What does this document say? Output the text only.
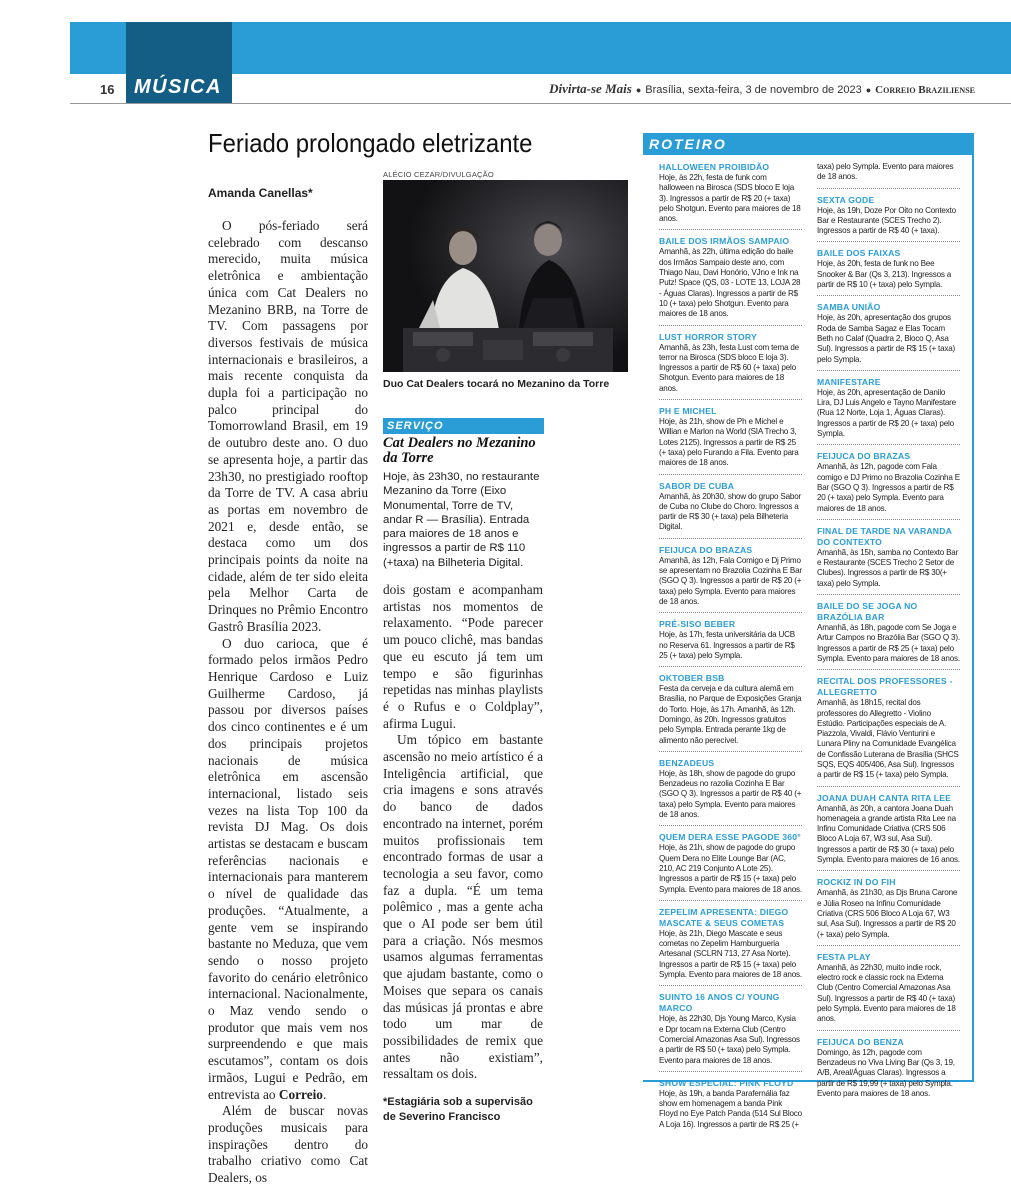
MÚSICA
16	Divirta-se Mais ● Brasília, sexta-feira, 3 de novembro de 2023 ● Correio Braziliense
Feriado prolongado eletrizante
Amanda Canellas*

O pós-feriado será celebrado com descanso merecido, muita música eletrônica e ambientação única com Cat Dealers no Mezanino BRB, na Torre de TV. Com passagens por diversos festivais de música internacionais e brasileiros, a mais recente conquista da dupla foi a participação no palco principal do Tomorrowland Brasil, em 19 de outubro deste ano. O duo se apresenta hoje, a partir das 23h30, no prestigiado rooftop da Torre de TV. A casa abriu as portas em novembro de 2021 e, desde então, se destaca como um dos principais points da noite na cidade, além de ter sido eleita pela Melhor Carta de Drinques no Prêmio Encontro Gastrô Brasília 2023.

O duo carioca, que é formado pelos irmãos Pedro Henrique Cardoso e Luiz Guilherme Cardoso, já passou por diversos países dos cinco continentes e é um dos principais projetos nacionais de música eletrônica em ascensão internacional, listado seis vezes na lista Top 100 da revista DJ Mag. Os dois artistas se destacam e buscam referências nacionais e internacionais para manterem o nível de qualidade das produções. “Atualmente, a gente vem se inspirando bastante no Meduza, que vem sendo o nosso projeto favorito do cenário eletrônico internacional. Nacionalmente, o Maz vendo sendo o produtor que mais vem nos surpreendendo e que mais escutamos”, contam os dois irmãos, Lugui e Pedrão, em entrevista ao Correio.

Além de buscar novas produções musicais para inspirações dentro do trabalho criativo como Cat Dealers, os

ALÉCIO CEZAR/DIVULGAÇÃO
Duo Cat Dealers tocará no Mezanino da Torre
SERVIÇO
Cat Dealers no Mezanino da Torre
Hoje, às 23h30, no restaurante Mezanino da Torre (Eixo Monumental, Torre de TV, andar R — Brasília). Entrada para maiores de 18 anos e ingressos a partir de R$ 110 (+taxa) na Bilheteria Digital.

dois gostam e acompanham artistas nos momentos de relaxamento. “Pode parecer um pouco clichê, mas bandas que eu escuto já tem um tempo e são figurinhas repetidas nas minhas playlists é o Rufus e o Coldplay”, afirma Lugui.

Um tópico em bastante ascensão no meio artístico é a Inteligência artificial, que cria imagens e sons através do banco de dados encontrado na internet, porém muitos profissionais tem encontrado formas de usar a tecnologia a seu favor, como faz a dupla. “É um tema polêmico , mas a gente acha que o AI pode ser bem útil para a criação. Nós mesmos usamos algumas ferramentas que ajudam bastante, como o Moises que separa os canais das músicas já prontas e abre todo um mar de possibilidades de remix que antes não existiam”, ressaltam os dois.

*Estagiária sob a supervisão de Severino Francisco

ROTEIRO
HALLOWEEN PROIBIDÃO
Hoje, às 22h, festa de funk com halloween na Birosca (SDS bloco E loja 3). Ingressos a partir de R$ 20 (+ taxa) pelo Shotgun. Evento para maiores de 18 anos.
BAILE DOS IRMÃOS SAMPAIO
Amanhã, às 22h, última edição do baile dos Irmãos Sampaio deste ano, com Thiago Nau, Davi Honório, VJno e Ink na Putz! Space (QS, 03 - LOTE 13, LOJA 28 - Águas Claras). Ingressos a partir de R$ 10 (+ taxa) pelo Shotgun. Evento para maiores de 18 anos.
LUST HORROR STORY
Amanhã, às 23h, festa Lust com tema de terror na Birosca (SDS bloco E loja 3). Ingressos a partir de R$ 60 (+ taxa) pelo Shotgun. Evento para maiores de 18 anos.
PH E MICHEL
Hoje, às 21h, show de Ph e Michel e Willian e Marlon na World (SIA Trecho 3, Lotes 2125). Ingressos a partir de R$ 25 (+ taxa) pelo Furando a Fila. Evento para maiores de 18 anos.
SABOR DE CUBA
Amanhã, às 20h30, show do grupo Sabor de Cuba no Clube do Choro. Ingressos a partir de R$ 30 (+ taxa) pela Bilheteria Digital.
FEIJUCA DO BRAZAS
Amanhã, às 12h, Fala Comigo e Dj Primo se apresentam no Brazolia Cozinha E Bar (SGO Q 3). Ingressos a partir de R$ 20 (+ taxa) pelo Sympla. Evento para maiores de 18 anos.
PRÉ-SISO BEBER
Hoje, às 17h, festa universitária da UCB no Reserva 61. Ingressos a partir de R$ 25 (+ taxa) pelo Sympla.
OKTOBER BSB
Festa da cerveja e da cultura alemã em Brasília, no Parque de Exposições Granja do Torto. Hoje, às 17h. Amanhã, às 12h. Domingo, às 20h. Ingressos gratuitos pelo Sympla. Entrada perante 1kg de alimento não perecível.
BENZADEUS
Hoje, às 18h, show de pagode do grupo Benzadeus no razolia Cozinha E Bar (SGO Q 3). Ingressos a partir de R$ 40 (+ taxa) pelo Sympla. Evento para maiores de 18 anos.
QUEM DERA ESSE PAGODE 360°
Hoje, às 21h, show de pagode do grupo Quem Dera no Elite Lounge Bar (AC, 210, AC 219 Conjunto A Lote 25). Ingressos a partir de R$ 15 (+ taxa) pelo Sympla. Evento para maiores de 18 anos.
ZEPELIM APRESENTA: DIEGO MASCATE & SEUS COMETAS
Hoje, às 21h, Diego Mascate e seus cometas no Zepelim Hamburgueria Artesanal (SCLRN 713, 27 Asa Norte). Ingressos a partir de R$ 15 (+ taxa) pelo Sympla. Evento para maiores de 18 anos.
SUINTO 16 ANOS C/ YOUNG MARCO
Hoje, às 22h30, Djs Young Marco, Kysia e Dpr tocam na Externa Club (Centro Comercial Amazonas Asa Sul). Ingressos a partir de R$ 50 (+ taxa) pelo Sympla. Evento para maiores de 18 anos.
SHOW ESPECIAL: PINK FLOYD
Hoje, às 19h, a banda Parafernália faz show em homenagem a banda Pink Floyd no Eye Patch Panda (514 Sul Bloco A Loja 16). Ingressos a partir de R$ 25 (+
taxa) pelo Sympla. Evento para maiores de 18 anos.
SEXTA GODE
Hoje, às 19h, Doze Por Oito no Contexto Bar e Restaurante (SCES Trecho 2). Ingressos a partir de R$ 40 (+ taxa).
BAILE DOS FAIXAS
Hoje, às 20h, festa de funk no Bee Snooker & Bar (Qs 3, 213). Ingressos a partir de R$ 10 (+ taxa) pelo Sympla.
SAMBA UNIÃO
Hoje, às 20h, apresentação dos grupos Roda de Samba Sagaz e Elas Tocam Beth no Calaf (Quadra 2, Bloco Q, Asa Sul). Ingressos a partir de R$ 15 (+ taxa) pelo Sympla.
MANIFESTARE
Hoje, às 20h, apresentação de Danilo Lira, DJ Luis Angelo e Tayno Manifestare (Rua 12 Norte, Loja 1, Águas Claras). Ingressos a partir de R$ 20 (+ taxa) pelo Sympla.
FEIJUCA DO BRAZAS
Amanhã, às 12h, pagode com Fala comigo e DJ Primo no Brazolia Cozinha E Bar (SGO Q 3). Ingressos a partir de R$ 20 (+ taxa) pelo Sympla. Evento para maiores de 18 anos.
FINAL DE TARDE NA VARANDA DO CONTEXTO
Amanhã, às 15h, samba no Contexto Bar e Restaurante (SCES Trecho 2 Setor de Clubes). Ingressos a partir de R$ 30(+ taxa) pelo Sympla.
BAILE DO SE JOGA NO BRAZÓLIA BAR
Amanhã, às 18h, pagode com Se Joga e Artur Campos no Brazólia Bar (SGO Q 3). Ingressos a partir de R$ 25 (+ taxa) pelo Sympla. Evento para maiores de 18 anos.
RECITAL DOS PROFESSORES - ALLEGRETTO
Amanhã, às 18h15, recital dos professores do Allegretto - Violino Estúdio. Participações especiais de A. Piazzola, Vivaldi, Flávio Venturini e Lunara Pliny na Comunidade Evangélica de Confissão Luterana de Brasília (SHCS SQS, EQS 405/406, Asa Sul). Ingressos a partir de R$ 15 (+ taxa) pelo Sympla.
JOANA DUAH CANTA RITA LEE
Amanhã, às 20h, a cantora Joana Duah homenageia a grande artista Rita Lee na Infinu Comunidade Criativa (CRS 506 Bloco A Loja 67, W3 sul, Asa Sul). Ingressos a partir de R$ 30 (+ taxa) pelo Sympla. Evento para maiores de 16 anos.
ROCKIZ IN DO FIH
Amanhã, às 21h30, as Djs Bruna Carone e Júlia Roseo na Infinu Comunidade Criativa (CRS 506 Bloco A Loja 67, W3 sul, Asa Sul). Ingressos a partir de R$ 20 (+ taxa) pelo Sympla.
FESTA PLAY
Amanhã, às 22h30, muito indie rock, electro rock e classic rock na Externa Club (Centro Comercial Amazonas Asa Sul). Ingressos a partir de R$ 40 (+ taxa) pelo Sympla. Evento para maiores de 18 anos.
FEIJUCA DO BENZA
Domingo, às 12h, pagode com Benzadeus no Viva Living Bar (Qs 3, 19, A/B, Areal/Águas Claras). Ingressos a partir de R$ 19,99 (+ taxa) pelo Sympla. Evento para maiores de 18 anos.
